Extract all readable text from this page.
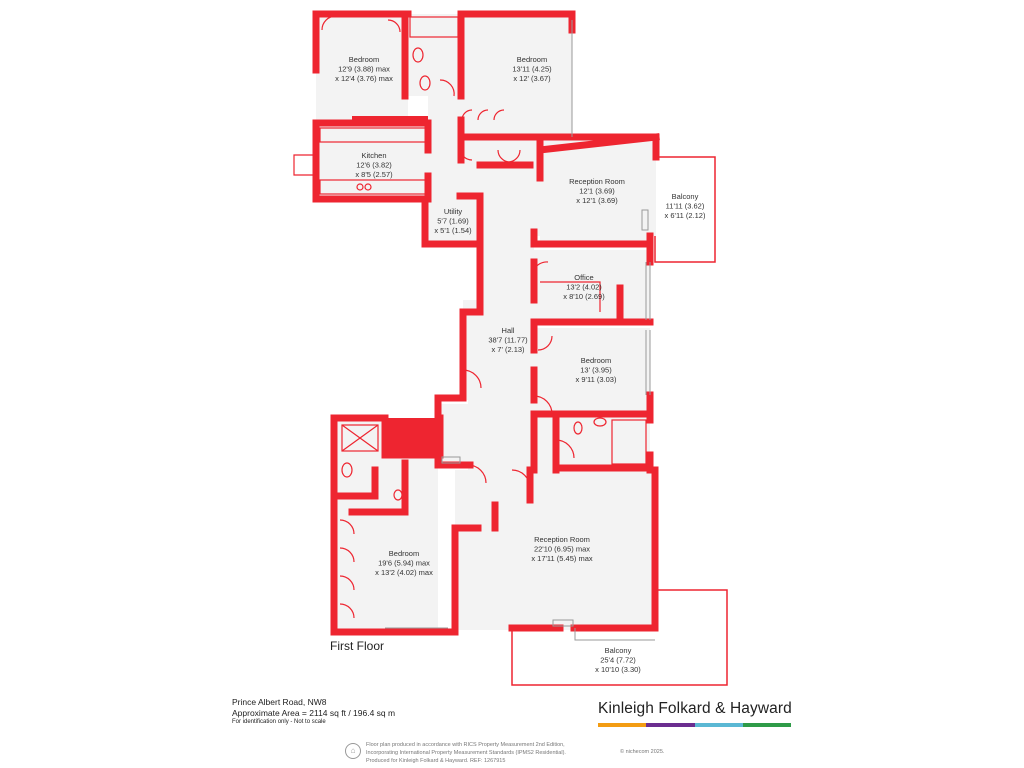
Bedroom
12'9 (3.88) max
x 12'4 (3.76) max
Bedroom
13'11 (4.25)
x 12' (3.67)
Kitchen
12'6 (3.82)
x 8'5 (2.57)
Utility
5'7 (1.69)
x 5'1 (1.54)
Reception Room
12'1 (3.69)
x 12'1 (3.69)	Balcony
11'11 (3.62)
x 6'11 (2.12)
Office
13'2 (4.02)
x 8'10 (2.69)
Hall
38'7 (11.77)
x 7' (2.13)
Bedroom
13' (3.95)
x 9'11 (3.03)
Reception Room
22'10 (6.95) max
x 17'11 (5.45) max
Bedroom
19'6 (5.94) max
x 13'2 (4.02) max
Balcony
25'4 (7.72)
x 10'10 (3.30)
First Floor
Prince Albert Road, NW8
Approximate Area = 2114 sq ft / 196.4 sq m
For identification only - Not to scale
Kinleigh Folkard & Hayward
⌂
Floor plan produced in accordance with RICS Property Measurement 2nd Edition,
Incorporating International Property Measurement Standards (IPMS2 Residential).
Produced for Kinleigh Folkard & Hayward. REF: 1267915
© nichecom 2025.
